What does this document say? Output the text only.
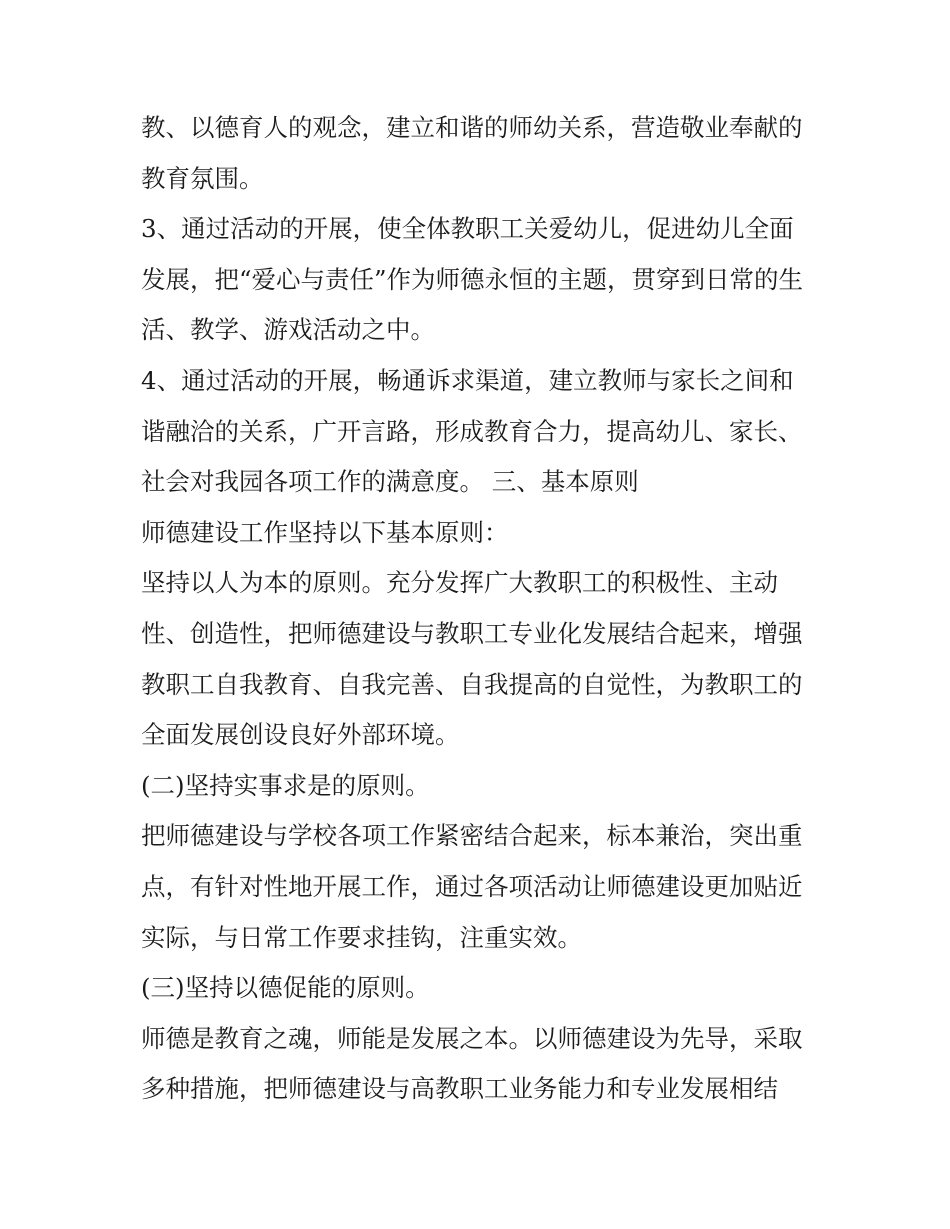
教、以德育人的观念，建立和谐的师幼关系，营造敬业奉献的

教育氛围。

3、通过活动的开展，使全体教职工关爱幼儿，促进幼儿全面

发展，把“爱心与责任”作为师德永恒的主题，贯穿到日常的生

活、教学、游戏活动之中。

4、通过活动的开展，畅通诉求渠道，建立教师与家长之间和

谐融洽的关系，广开言路，形成教育合力，提高幼儿、家长、

社会对我园各项工作的满意度。 三、基本原则

师德建设工作坚持以下基本原则：

坚持以人为本的原则。充分发挥广大教职工的积极性、主动

性、创造性，把师德建设与教职工专业化发展结合起来，增强

教职工自我教育、自我完善、自我提高的自觉性，为教职工的

全面发展创设良好外部环境。

(二)坚持实事求是的原则。

把师德建设与学校各项工作紧密结合起来，标本兼治，突出重

点，有针对性地开展工作，通过各项活动让师德建设更加贴近

实际，与日常工作要求挂钩，注重实效。

(三)坚持以德促能的原则。

师德是教育之魂，师能是发展之本。以师德建设为先导，采取

多种措施，把师德建设与高教职工业务能力和专业发展相结
